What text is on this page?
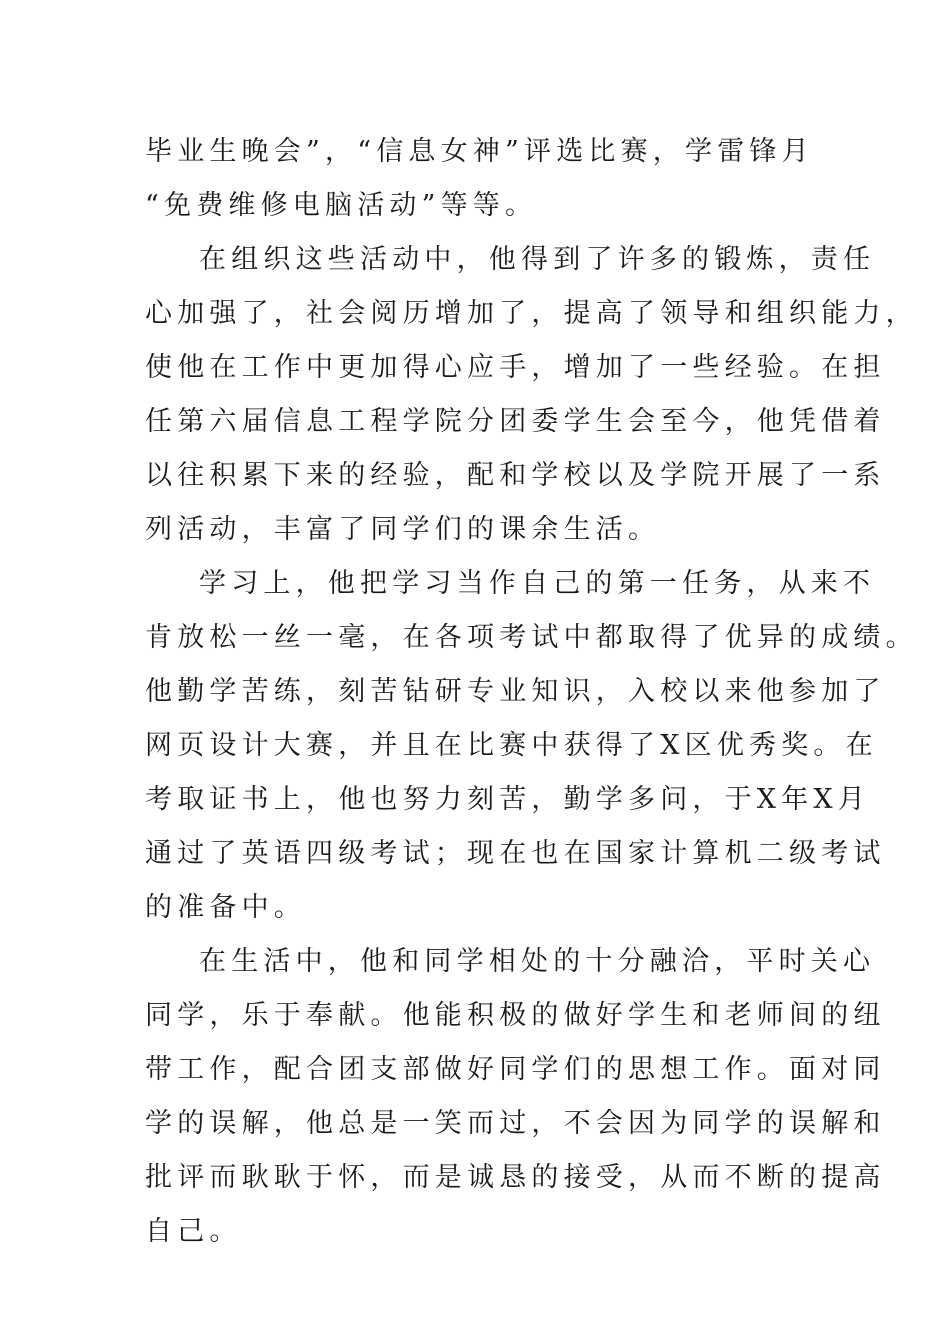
毕业生晚会”，“信息女神”评选比赛，学雷锋月
“免费维修电脑活动”等等。
在组织这些活动中，他得到了许多的锻炼，责任
心加强了，社会阅历增加了，提高了领导和组织能力，
使他在工作中更加得心应手，增加了一些经验。在担
任第六届信息工程学院分团委学生会至今，他凭借着
以往积累下来的经验，配和学校以及学院开展了一系
列活动，丰富了同学们的课余生活。
学习上，他把学习当作自己的第一任务，从来不
肯放松一丝一毫，在各项考试中都取得了优异的成绩。
他勤学苦练，刻苦钻研专业知识，入校以来他参加了
网页设计大赛，并且在比赛中获得了X区优秀奖。在
考取证书上，他也努力刻苦，勤学多问，于X年X月
通过了英语四级考试；现在也在国家计算机二级考试
的准备中。
在生活中，他和同学相处的十分融洽，平时关心
同学，乐于奉献。他能积极的做好学生和老师间的纽
带工作，配合团支部做好同学们的思想工作。面对同
学的误解，他总是一笑而过，不会因为同学的误解和
批评而耿耿于怀，而是诚恳的接受，从而不断的提高
自己。
